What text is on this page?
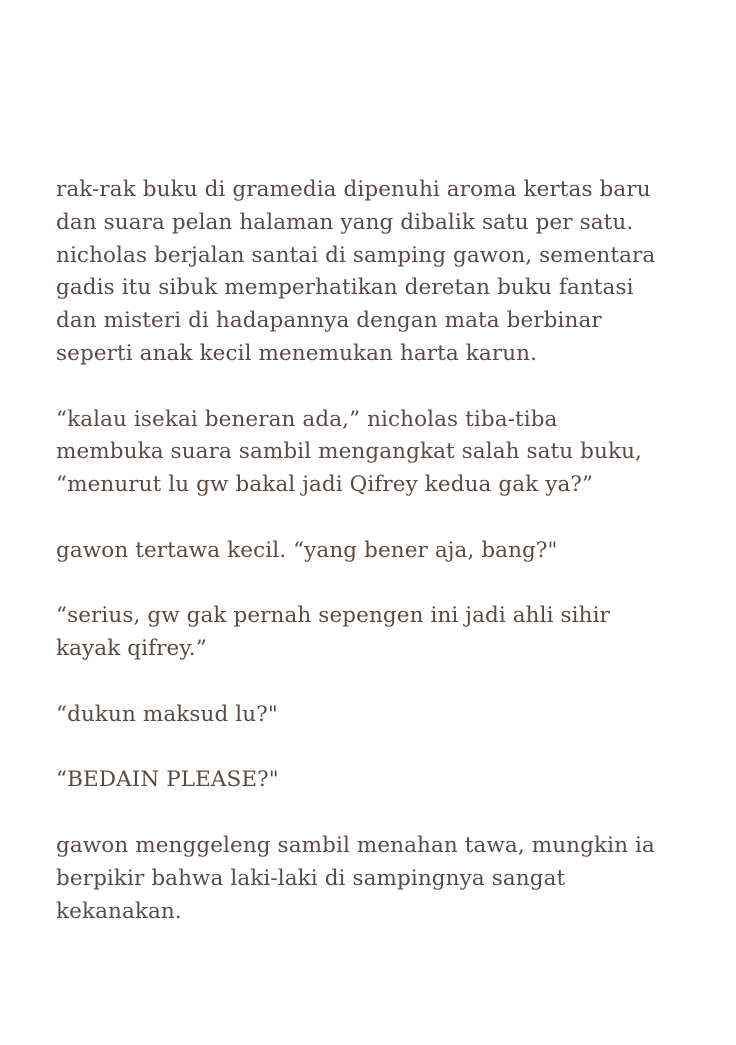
rak-rak buku di gramedia dipenuhi aroma kertas baru
dan suara pelan halaman yang dibalik satu per satu.
nicholas berjalan santai di samping gawon, sementara
gadis itu sibuk memperhatikan deretan buku fantasi
dan misteri di hadapannya dengan mata berbinar
seperti anak kecil menemukan harta karun.

“kalau isekai beneran ada,” nicholas tiba-tiba
membuka suara sambil mengangkat salah satu buku,
“menurut lu gw bakal jadi Qifrey kedua gak ya?”

gawon tertawa kecil. “yang bener aja, bang?"

“serius, gw gak pernah sepengen ini jadi ahli sihir
kayak qifrey.”

“dukun maksud lu?"

“BEDAIN PLEASE?"

gawon menggeleng sambil menahan tawa, mungkin ia
berpikir bahwa laki-laki di sampingnya sangat
kekanakan.
